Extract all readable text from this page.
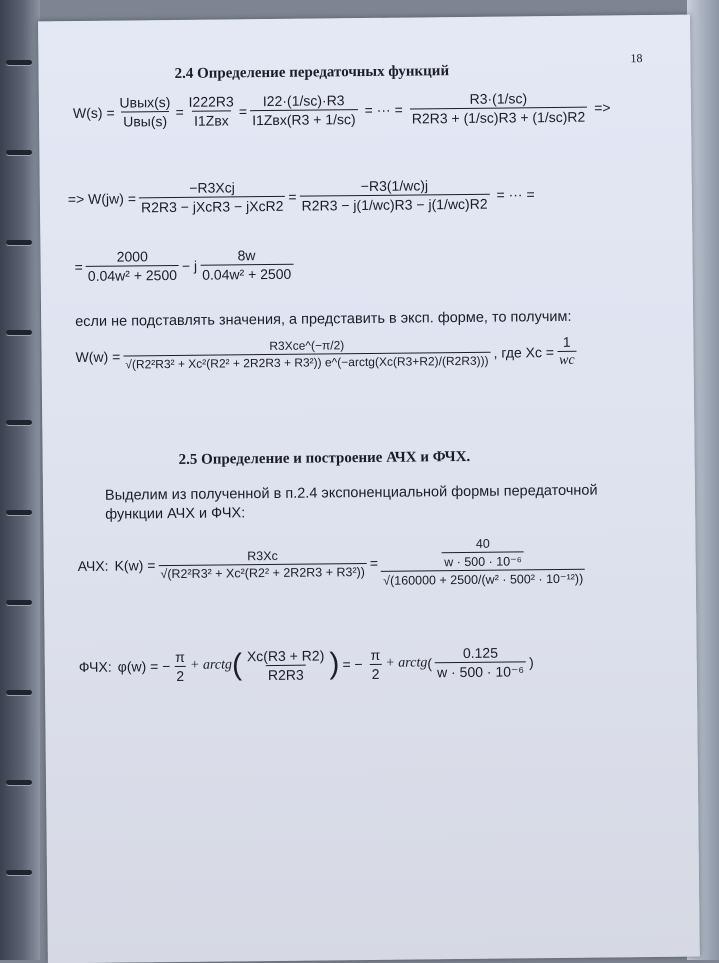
18
2.4 Определение передаточных функций
$W(s) = \frac{\text{Uвых(s)}}{\text{Uвы(s)}} = \frac{I222R3}{\text{I1Zвх}} = \frac{I22\cdot(1/sc)\cdot R3}{\text{I1Zвх(R3 + 1/sc)}}$ = ··· = $\frac{R3\cdot(1/sc)}{R2R3 + (1/sc)R3 + (1/sc)R2}$ =>
=> $W(jw) = \frac{\text{−R3Xcj}}{\text{R2R3 − jXcR3 − jXcR2}} = \frac{-R3(1/wc)j}{R2R3 - j(1/wc)R3 - j(1/wc)R2}$ = ··· =
= $\frac{2000}{\text{0.04w² + 2500}} - j \frac{8w}{\text{0.04w² + 2500}}$
если не подставлять значения, а представить в эксп. форме, то получим:
W(w) =
R3Xce^(−π/2)
√(R2²R3² + Xc²(R2² + 2R2R3 + R3²)) e^(−arctg(Xc(R3+R2)/(R2R3)))
, где $Xc = \frac{1}{wc}$
2.5 Определение и построение АЧХ и ФЧХ.
Выделим из полученной в п.2.4 экспоненциальной формы передаточной
функции АЧХ и ФЧХ:
АЧХ: $K(w) = \frac{R3Xc}{\text{√(R2²R3² + Xc²(R2² + 2R2R3 + R3²))}} = \frac{\frac{40}{\text{w · 500 · 10⁻⁶}}}{\text{√(160000 + 2500/(w² · 500² · 10⁻¹²))}}$
ФЧХ: φ(w) = − $\frac{\pi}{2}$ + arctg ( $\frac{Xc(R3 + R2)}{R2R3}$ ) = − $\frac{\pi}{2}$ + arctg ( $\frac{0.125}{\text{w · 500 · 10⁻⁶}}$ )
